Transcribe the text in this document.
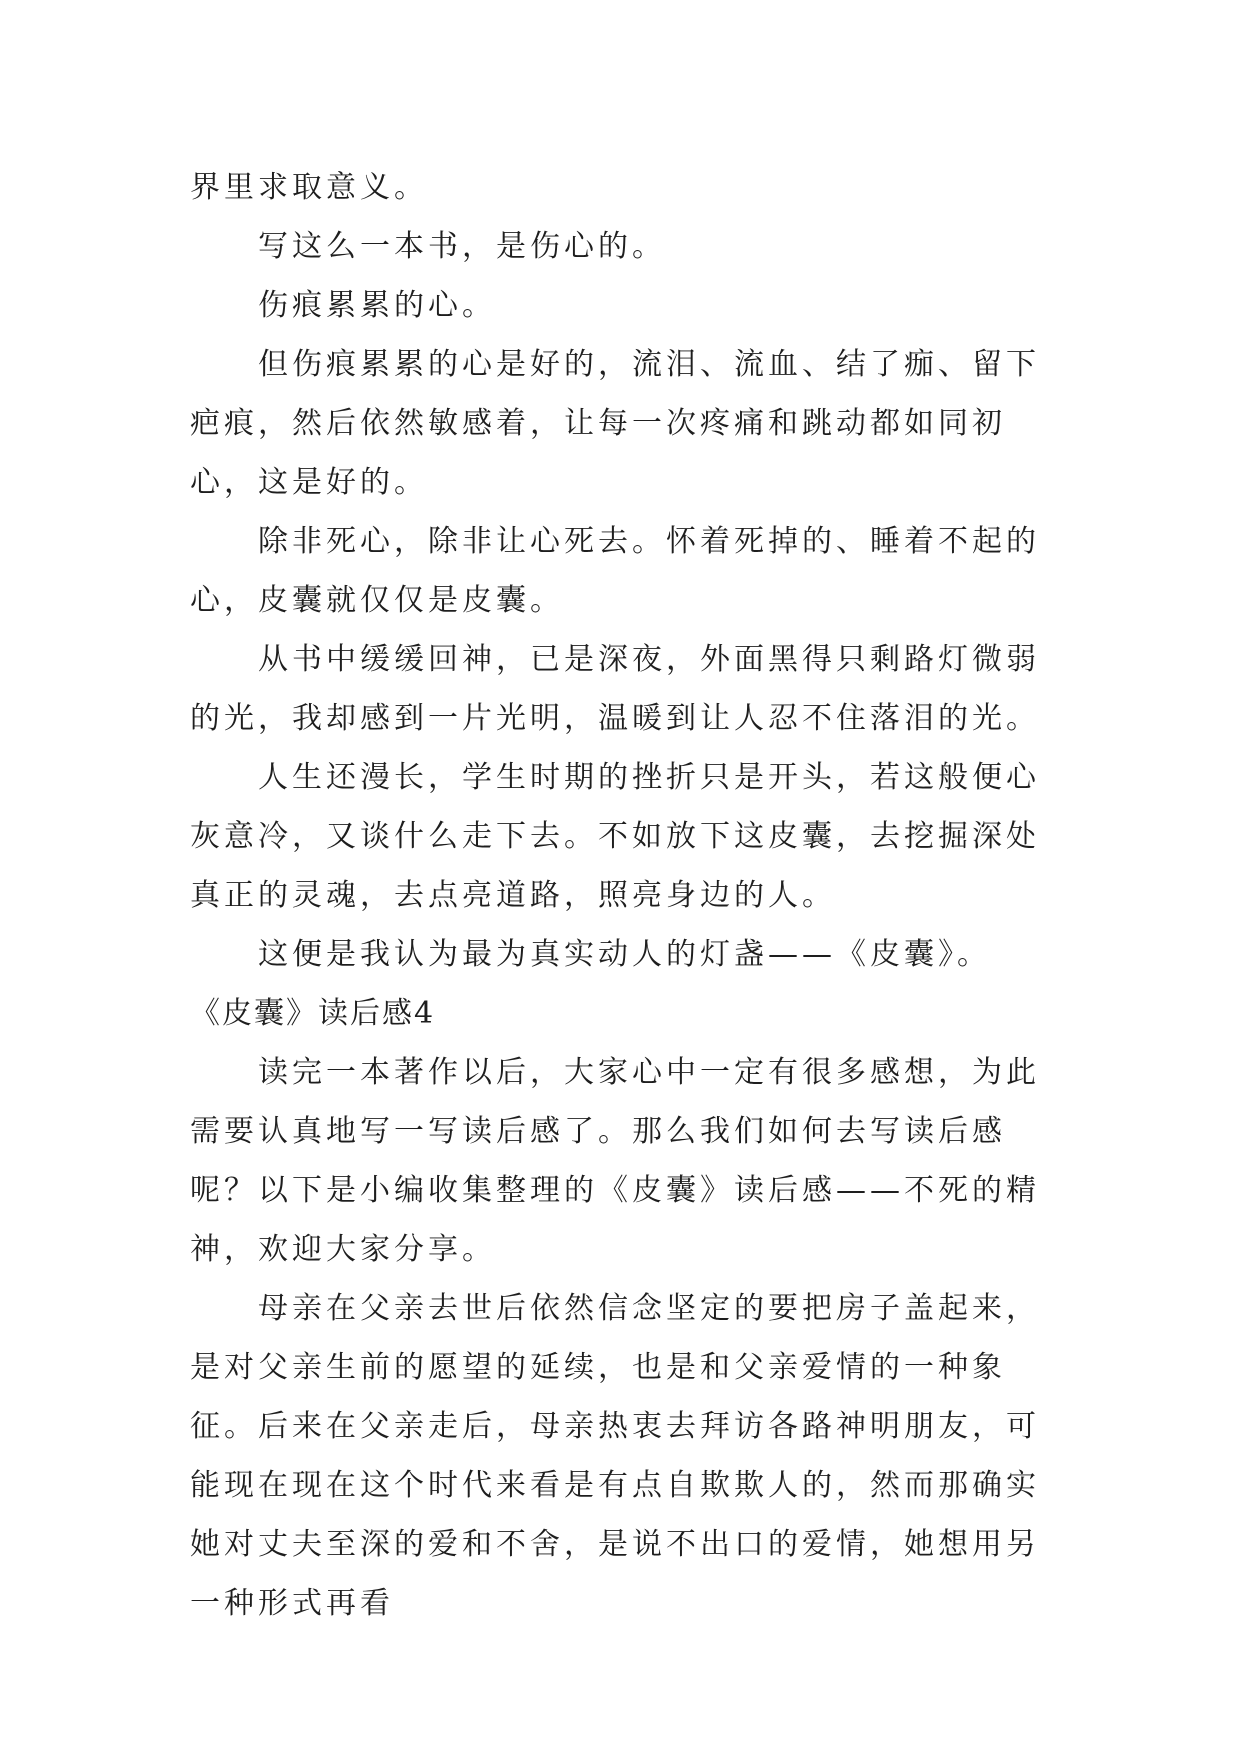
界里求取意义。

写这么一本书，是伤心的。

伤痕累累的心。

但伤痕累累的心是好的，流泪、流血、结了痂、留下疤痕，然后依然敏感着，让每一次疼痛和跳动都如同初心，这是好的。

除非死心，除非让心死去。怀着死掉的、睡着不起的心，皮囊就仅仅是皮囊。

从书中缓缓回神，已是深夜，外面黑得只剩路灯微弱的光，我却感到一片光明，温暖到让人忍不住落泪的光。

人生还漫长，学生时期的挫折只是开头，若这般便心灰意冷，又谈什么走下去。不如放下这皮囊，去挖掘深处真正的灵魂，去点亮道路，照亮身边的人。

这便是我认为最为真实动人的灯盏——《皮囊》。

《皮囊》读后感4

读完一本著作以后，大家心中一定有很多感想，为此需要认真地写一写读后感了。那么我们如何去写读后感呢？以下是小编收集整理的《皮囊》读后感——不死的精神，欢迎大家分享。

母亲在父亲去世后依然信念坚定的要把房子盖起来，是对父亲生前的愿望的延续，也是和父亲爱情的一种象征。后来在父亲走后，母亲热衷去拜访各路神明朋友，可能现在现在这个时代来看是有点自欺欺人的，然而那确实她对丈夫至深的爱和不舍，是说不出口的爱情，她想用另一种形式再看
